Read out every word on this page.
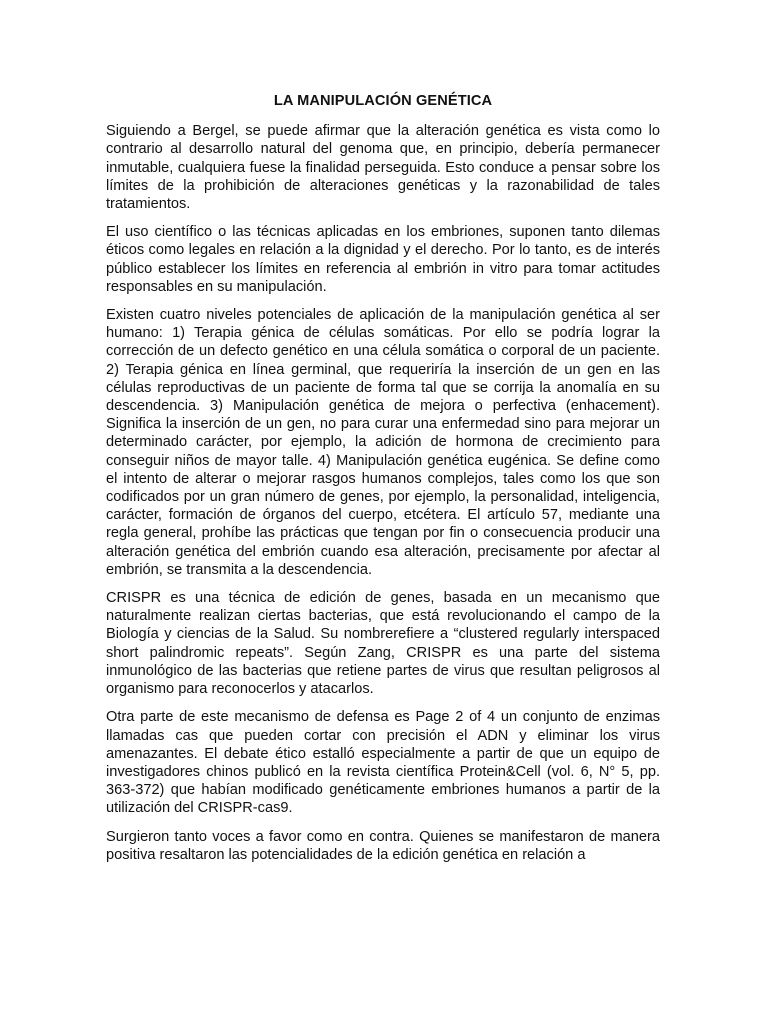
LA MANIPULACIÓN GENÉTICA

Siguiendo a Bergel, se puede afirmar que la alteración genética es vista como lo contrario al desarrollo natural del genoma que, en principio, debería permanecer inmutable, cualquiera fuese la finalidad perseguida. Esto conduce a pensar sobre los límites de la prohibición de alteraciones genéticas y la razonabilidad de tales tratamientos.

El uso científico o las técnicas aplicadas en los embriones, suponen tanto dilemas éticos como legales en relación a la dignidad y el derecho. Por lo tanto, es de interés público establecer los límites en referencia al embrión in vitro para tomar actitudes responsables en su manipulación.

Existen cuatro niveles potenciales de aplicación de la manipulación genética al ser humano: 1) Terapia génica de células somáticas. Por ello se podría lograr la corrección de un defecto genético en una célula somática o corporal de un paciente. 2) Terapia génica en línea germinal, que requeriría la inserción de un gen en las células reproductivas de un paciente de forma tal que se corrija la anomalía en su descendencia. 3) Manipulación genética de mejora o perfectiva (enhacement). Significa la inserción de un gen, no para curar una enfermedad sino para mejorar un determinado carácter, por ejemplo, la adición de hormona de crecimiento para conseguir niños de mayor talle. 4) Manipulación genética eugénica. Se define como el intento de alterar o mejorar rasgos humanos complejos, tales como los que son codificados por un gran número de genes, por ejemplo, la personalidad, inteligencia, carácter, formación de órganos del cuerpo, etcétera. El artículo 57, mediante una regla general, prohíbe las prácticas que tengan por fin o consecuencia producir una alteración genética del embrión cuando esa alteración, precisamente por afectar al embrión, se transmita a la descendencia.

CRISPR es una técnica de edición de genes, basada en un mecanismo que naturalmente realizan ciertas bacterias, que está revolucionando el campo de la Biología y ciencias de la Salud. Su nombrerefiere a “clustered regularly interspaced short palindromic repeats”. Según Zang, CRISPR es una parte del sistema inmunológico de las bacterias que retiene partes de virus que resultan peligrosos al organismo para reconocerlos y atacarlos.

Otra parte de este mecanismo de defensa es Page 2 of 4 un conjunto de enzimas llamadas cas que pueden cortar con precisión el ADN y eliminar los virus amenazantes. El debate ético estalló especialmente a partir de que un equipo de investigadores chinos publicó en la revista científica Protein&Cell (vol. 6, N° 5, pp. 363-372) que habían modificado genéticamente embriones humanos a partir de la utilización del CRISPR-cas9.

Surgieron tanto voces a favor como en contra. Quienes se manifestaron de manera positiva resaltaron las potencialidades de la edición genética en relación a
